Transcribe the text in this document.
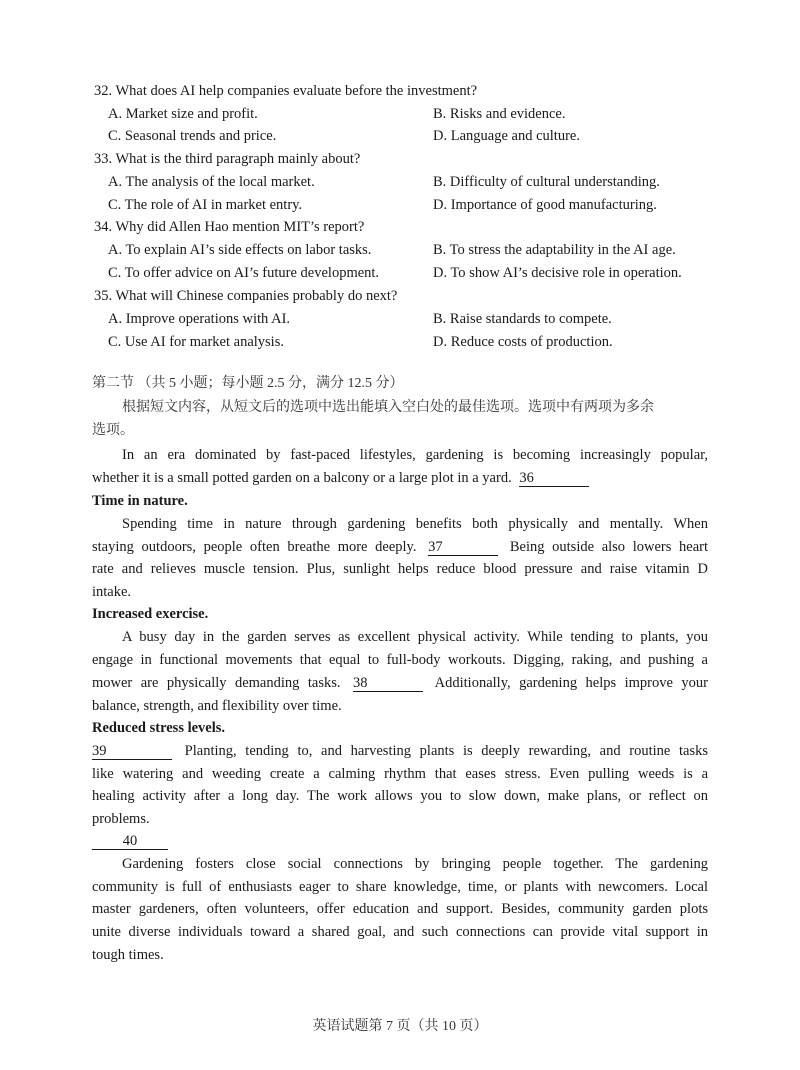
32. What does AI help companies evaluate before the investment?
A. Market size and profit.	B. Risks and evidence.
C. Seasonal trends and price.	D. Language and culture.
33. What is the third paragraph mainly about?
A. The analysis of the local market.	B. Difficulty of cultural understanding.
C. The role of AI in market entry.	D. Importance of good manufacturing.
34. Why did Allen Hao mention MIT’s report?
A. To explain AI’s side effects on labor tasks.	B. To stress the adaptability in the AI age.
C. To offer advice on AI’s future development.	D. To show AI’s decisive role in operation.
35. What will Chinese companies probably do next?
A. Improve operations with AI.	B. Raise standards to compete.
C. Use AI for market analysis.	D. Reduce costs of production.
第二节 （共 5 小题；每小题 2.5 分，满分 12.5 分）
根据短文内容，从短文后的选项中选出能填入空白处的最佳选项。选项中有两项为多余
选项。
In an era dominated by fast-paced lifestyles, gardening is becoming increasingly popular,
whether it is a small potted garden on a balcony or a large plot in a yard. 36
Time in nature.
Spending time in nature through gardening benefits both physically and mentally. When
staying outdoors, people often breathe more deeply. 37	Being outside also lowers heart
rate and relieves muscle tension. Plus, sunlight helps reduce blood pressure and raise vitamin D
intake.
Increased exercise.
A busy day in the garden serves as excellent physical activity. While tending to plants, you
engage in functional movements that equal to full-body workouts. Digging, raking, and pushing a
mower are physically demanding tasks. 38	Additionally, gardening helps improve your
balance, strength, and flexibility over time.
Reduced stress levels.
39	Planting, tending to, and harvesting plants is deeply rewarding, and routine tasks
like watering and weeding create a calming rhythm that eases stress. Even pulling weeds is a
healing activity after a long day. The work allows you to slow down, make plans, or reflect on
problems.
40
Gardening fosters close social connections by bringing people together. The gardening
community is full of enthusiasts eager to share knowledge, time, or plants with newcomers. Local
master gardeners, often volunteers, offer education and support. Besides, community garden plots
unite diverse individuals toward a shared goal, and such connections can provide vital support in
tough times.
英语试题第 7 页（共 10 页）
